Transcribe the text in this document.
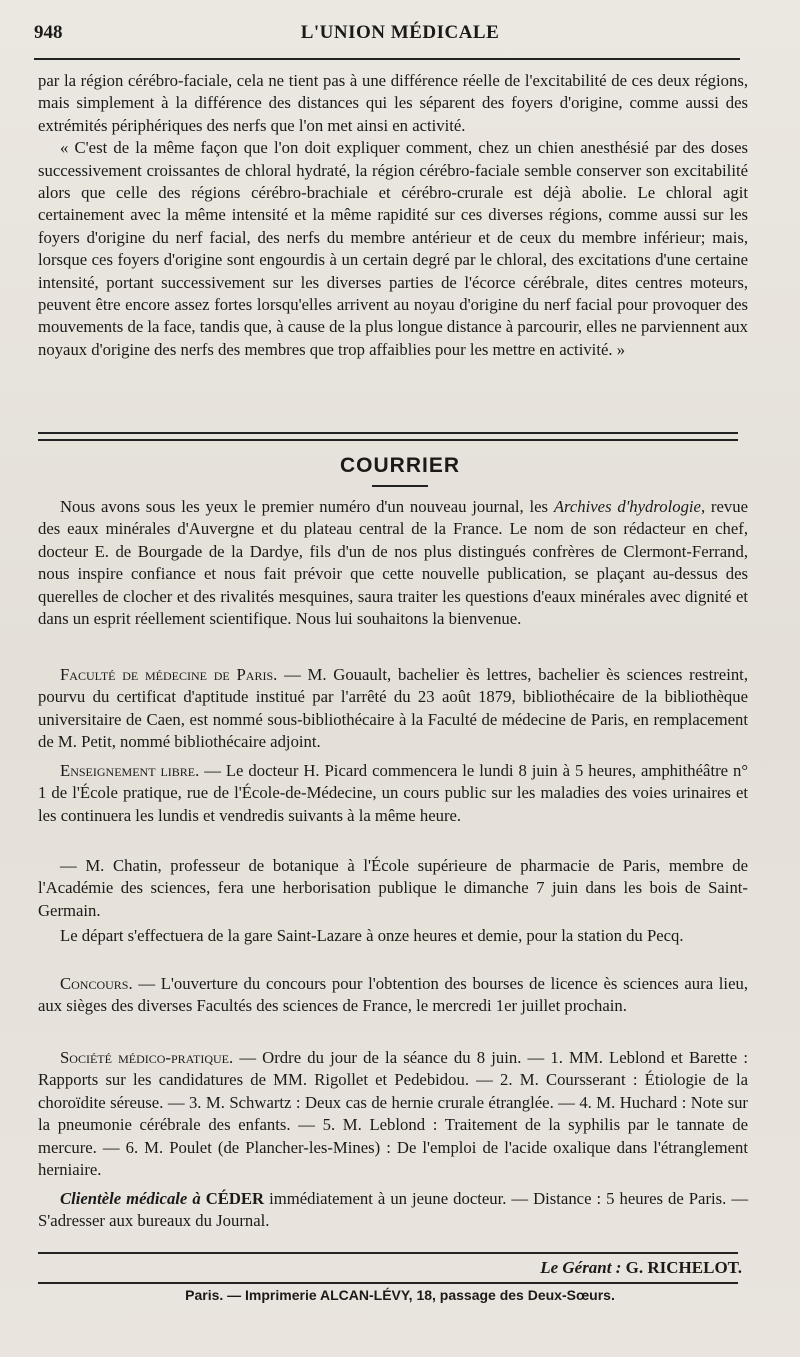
948	L'UNION MÉDICALE

par la région cérébro-faciale, cela ne tient pas à une différence réelle de l'excitabilité de ces deux régions, mais simplement à la différence des distances qui les séparent des foyers d'origine, comme aussi des extrémités périphériques des nerfs que l'on met ainsi en activité.

« C'est de la même façon que l'on doit expliquer comment, chez un chien anesthésié par des doses successivement croissantes de chloral hydraté, la région cérébro-faciale semble conserver son excitabilité alors que celle des régions cérébro-brachiale et cérébro-crurale est déjà abolie. Le chloral agit certainement avec la même intensité et la même rapidité sur ces diverses régions, comme aussi sur les foyers d'origine du nerf facial, des nerfs du membre antérieur et de ceux du membre inférieur; mais, lorsque ces foyers d'origine sont engourdis à un certain degré par le chloral, des excitations d'une certaine intensité, portant successivement sur les diverses parties de l'écorce cérébrale, dites centres moteurs, peuvent être encore assez fortes lorsqu'elles arrivent au noyau d'origine du nerf facial pour provoquer des mouvements de la face, tandis que, à cause de la plus longue distance à parcourir, elles ne parviennent aux noyaux d'origine des nerfs des membres que trop affaiblies pour les mettre en activité. »

COURRIER

Nous avons sous les yeux le premier numéro d'un nouveau journal, les Archives d'hydrologie, revue des eaux minérales d'Auvergne et du plateau central de la France. Le nom de son rédacteur en chef, docteur E. de Bourgade de la Dardye, fils d'un de nos plus distingués confrères de Clermont-Ferrand, nous inspire confiance et nous fait prévoir que cette nouvelle publication, se plaçant au-dessus des querelles de clocher et des rivalités mesquines, saura traiter les questions d'eaux minérales avec dignité et dans un esprit réellement scientifique. Nous lui souhaitons la bienvenue.

Faculté de médecine de Paris. — M. Gouault, bachelier ès lettres, bachelier ès sciences restreint, pourvu du certificat d'aptitude institué par l'arrêté du 23 août 1879, bibliothécaire de la bibliothèque universitaire de Caen, est nommé sous-bibliothécaire à la Faculté de médecine de Paris, en remplacement de M. Petit, nommé bibliothécaire adjoint.

Enseignement libre. — Le docteur H. Picard commencera le lundi 8 juin à 5 heures, amphithéâtre n° 1 de l'École pratique, rue de l'École-de-Médecine, un cours public sur les maladies des voies urinaires et les continuera les lundis et vendredis suivants à la même heure.

— M. Chatin, professeur de botanique à l'École supérieure de pharmacie de Paris, membre de l'Académie des sciences, fera une herborisation publique le dimanche 7 juin dans les bois de Saint-Germain.

Le départ s'effectuera de la gare Saint-Lazare à onze heures et demie, pour la station du Pecq.

Concours. — L'ouverture du concours pour l'obtention des bourses de licence ès sciences aura lieu, aux sièges des diverses Facultés des sciences de France, le mercredi 1er juillet prochain.

Société médico-pratique. — Ordre du jour de la séance du 8 juin. — 1. MM. Leblond et Barette : Rapports sur les candidatures de MM. Rigollet et Pedebidou. — 2. M. Coursserant : Étiologie de la choroïdite séreuse. — 3. M. Schwartz : Deux cas de hernie crurale étranglée. — 4. M. Huchard : Note sur la pneumonie cérébrale des enfants. — 5. M. Leblond : Traitement de la syphilis par le tannate de mercure. — 6. M. Poulet (de Plancher-les-Mines) : De l'emploi de l'acide oxalique dans l'étranglement herniaire.

Clientèle médicale à CÉDER immédiatement à un jeune docteur. — Distance : 5 heures de Paris. — S'adresser aux bureaux du Journal.

Le Gérant : G. RICHELOT.
Paris. — Imprimerie ALCAN-LÉVY, 18, passage des Deux-Sœurs.
